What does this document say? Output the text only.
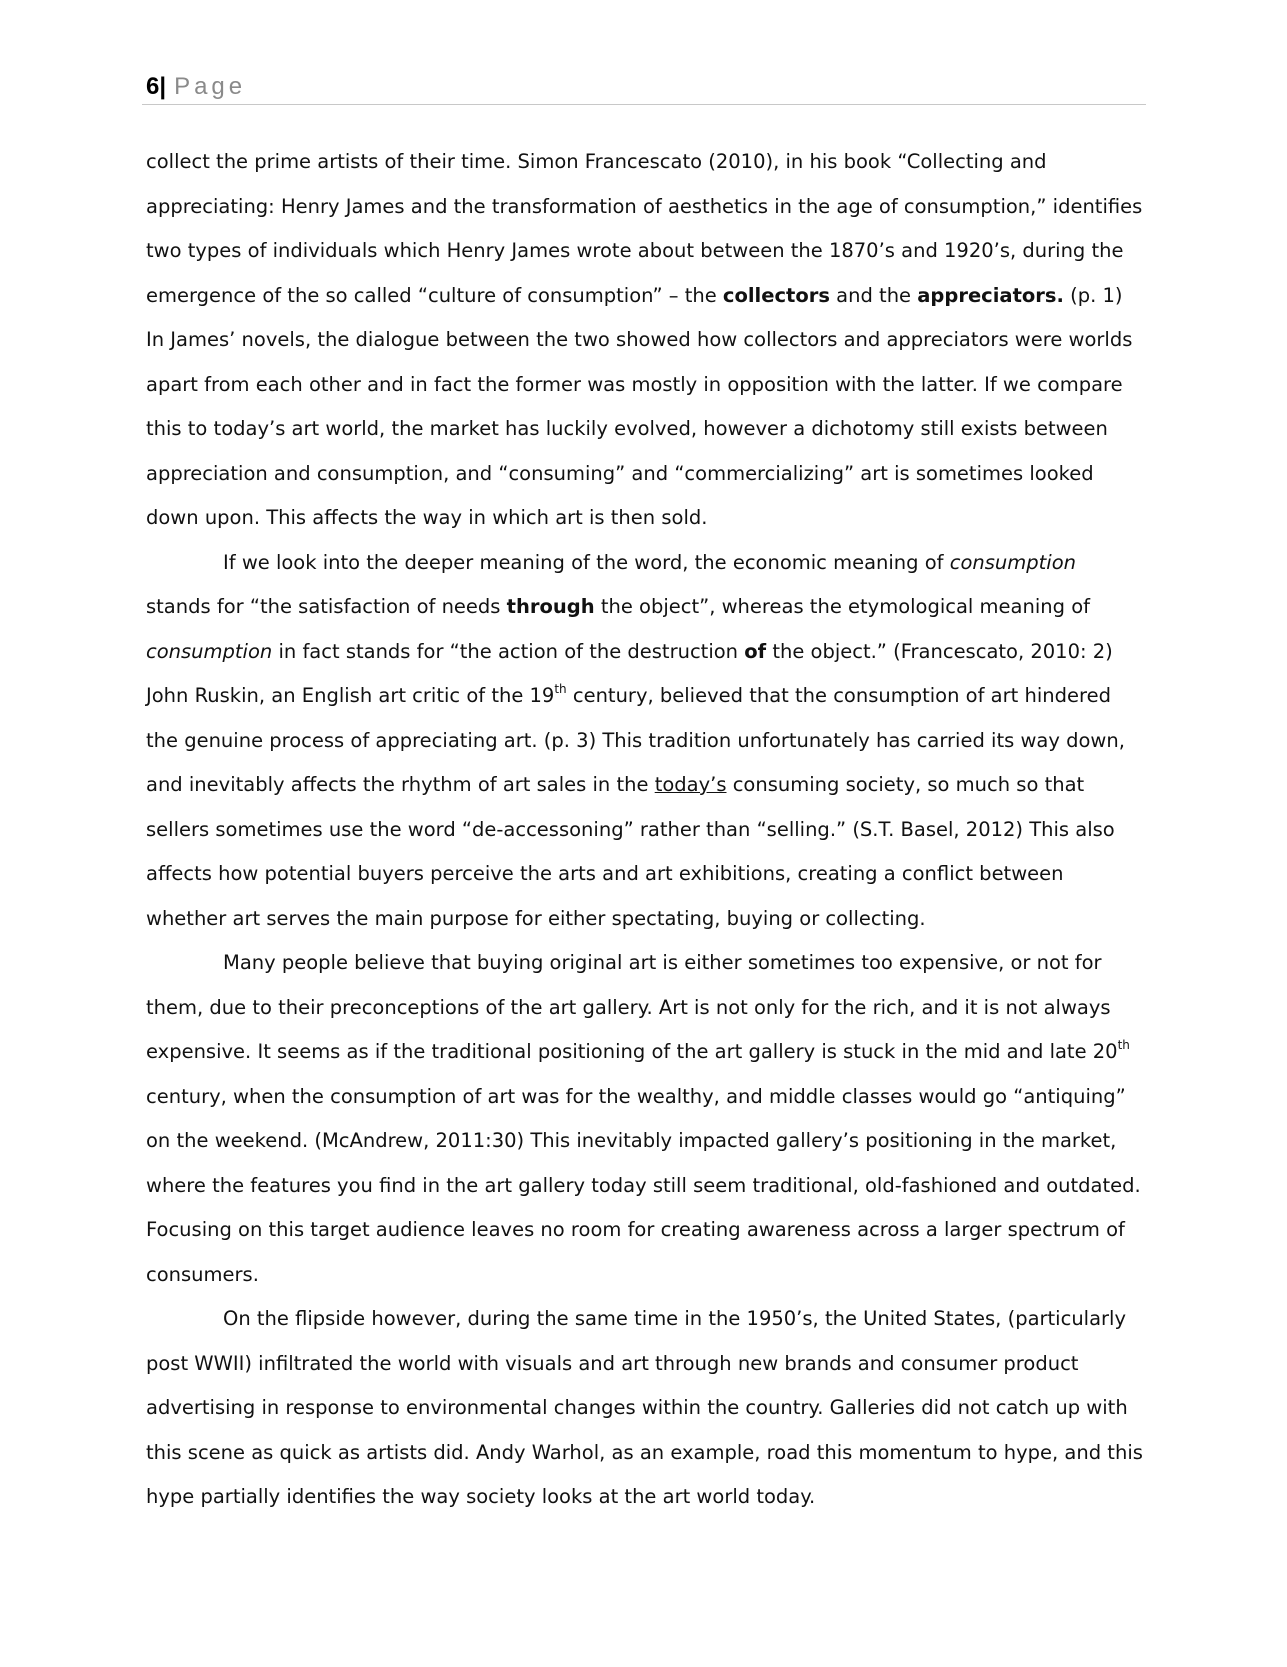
6| Page

collect the prime artists of their time. Simon Francescato (2010), in his book “Collecting and appreciating: Henry James and the transformation of aesthetics in the age of consumption,” identifies two types of individuals which Henry James wrote about between the 1870’s and 1920’s, during the emergence of the so called “culture of consumption” – the collectors and the appreciators. (p. 1) In James’ novels, the dialogue between the two showed how collectors and appreciators were worlds apart from each other and in fact the former was mostly in opposition with the latter. If we compare this to today’s art world, the market has luckily evolved, however a dichotomy still exists between appreciation and consumption, and “consuming” and “commercializing” art is sometimes looked down upon. This affects the way in which art is then sold.

If we look into the deeper meaning of the word, the economic meaning of consumption stands for “the satisfaction of needs through the object”, whereas the etymological meaning of consumption in fact stands for “the action of the destruction of the object.” (Francescato, 2010: 2) John Ruskin, an English art critic of the 19th century, believed that the consumption of art hindered the genuine process of appreciating art. (p. 3) This tradition unfortunately has carried its way down, and inevitably affects the rhythm of art sales in the today’s consuming society, so much so that sellers sometimes use the word “de-accessoning” rather than “selling.” (S.T. Basel, 2012) This also affects how potential buyers perceive the arts and art exhibitions, creating a conflict between whether art serves the main purpose for either spectating, buying or collecting.

Many people believe that buying original art is either sometimes too expensive, or not for them, due to their preconceptions of the art gallery. Art is not only for the rich, and it is not always expensive. It seems as if the traditional positioning of the art gallery is stuck in the mid and late 20th century, when the consumption of art was for the wealthy, and middle classes would go “antiquing” on the weekend. (McAndrew, 2011:30) This inevitably impacted gallery’s positioning in the market, where the features you find in the art gallery today still seem traditional, old-fashioned and outdated. Focusing on this target audience leaves no room for creating awareness across a larger spectrum of consumers.

On the flipside however, during the same time in the 1950’s, the United States, (particularly post WWII) infiltrated the world with visuals and art through new brands and consumer product advertising in response to environmental changes within the country. Galleries did not catch up with this scene as quick as artists did. Andy Warhol, as an example, road this momentum to hype, and this hype partially identifies the way society looks at the art world today.
